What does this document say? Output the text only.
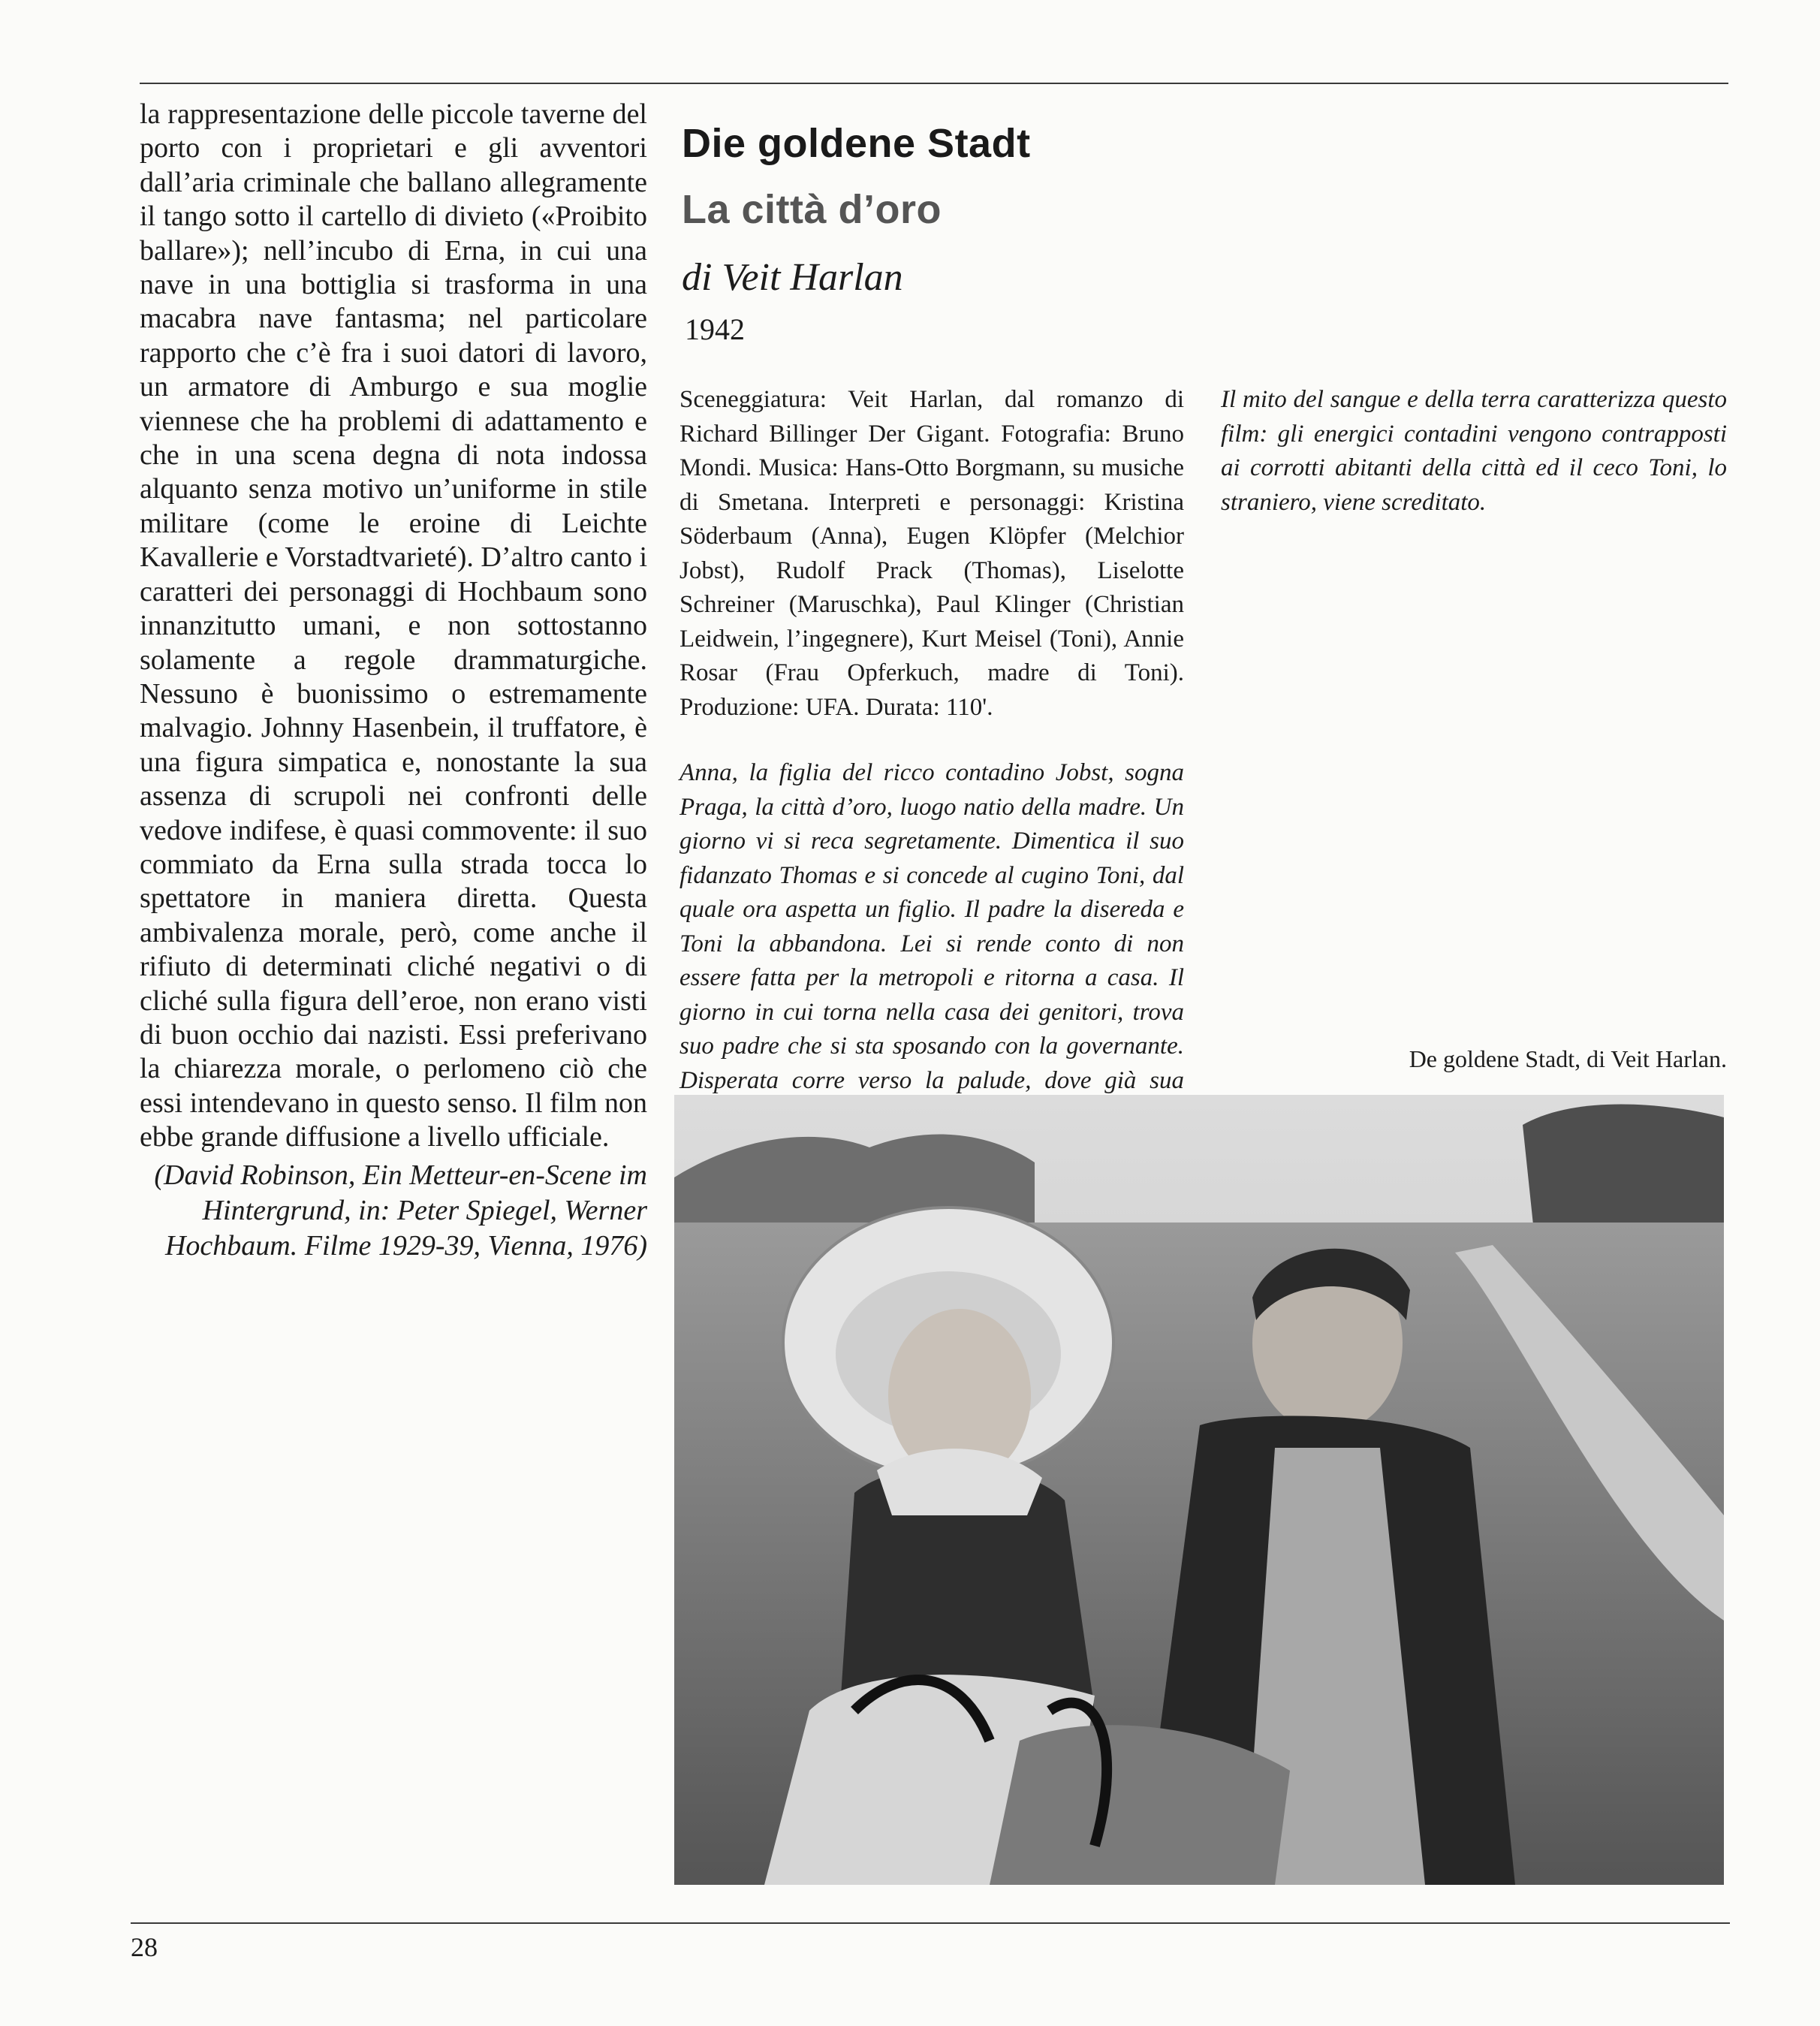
la rappresentazione delle piccole taverne del porto con i proprietari e gli avventori dall’aria criminale che ballano allegramente il tango sotto il cartello di divieto («Proibito ballare»); nell’incubo di Erna, in cui una nave in una bottiglia si trasforma in una macabra nave fantasma; nel particolare rapporto che c’è fra i suoi datori di lavoro, un armatore di Amburgo e sua moglie viennese che ha problemi di adattamento e che in una scena degna di nota indossa alquanto senza motivo un’uniforme in stile militare (come le eroine di Leichte Kavallerie e Vorstadtvarieté). D’altro canto i caratteri dei personaggi di Hochbaum sono innanzitutto umani, e non sottostanno solamente a regole drammaturgiche. Nessuno è buonissimo o estremamente malvagio. Johnny Hasenbein, il truffatore, è una figura simpatica e, nonostante la sua assenza di scrupoli nei confronti delle vedove indifese, è quasi commovente: il suo commiato da Erna sulla strada tocca lo spettatore in maniera diretta. Questa ambivalenza morale, però, come anche il rifiuto di determinati cliché negativi o di cliché sulla figura dell’eroe, non erano visti di buon occhio dai nazisti. Essi preferivano la chiarezza morale, o perlomeno ciò che essi intendevano in questo senso. Il film non ebbe grande diffusione a livello ufficiale.

(David Robinson, Ein Metteur-en-Scene im Hintergrund, in: Peter Spiegel, Werner Hochbaum. Filme 1929-39, Vienna, 1976)

Die goldene Stadt
La città d’oro
di Veit Harlan
1942

Sceneggiatura: Veit Harlan, dal romanzo di Richard Billinger Der Gigant. Fotografia: Bruno Mondi. Musica: Hans-Otto Borgmann, su musiche di Smetana. Interpreti e personaggi: Kristina Söderbaum (Anna), Eugen Klöpfer (Melchior Jobst), Rudolf Prack (Thomas), Liselotte Schreiner (Maruschka), Paul Klinger (Christian Leidwein, l’ingegnere), Kurt Meisel (Toni), Annie Rosar (Frau Opferkuch, madre di Toni). Produzione: UFA. Durata: 110'.

Anna, la figlia del ricco contadino Jobst, sogna Praga, la città d’oro, luogo natio della madre. Un giorno vi si reca segretamente. Dimentica il suo fidanzato Thomas e si concede al cugino Toni, dal quale ora aspetta un figlio. Il padre la disereda e Toni la abbandona. Lei si rende conto di non essere fatta per la metropoli e ritorna a casa. Il giorno in cui torna nella casa dei genitori, trova suo padre che si sta sposando con la governante. Disperata corre verso la palude, dove già sua

Il mito del sangue e della terra caratterizza questo film: gli energici contadini vengono contrapposti ai corrotti abitanti della città ed il ceco Toni, lo straniero, viene screditato.

De goldene Stadt, di Veit Harlan.
28
